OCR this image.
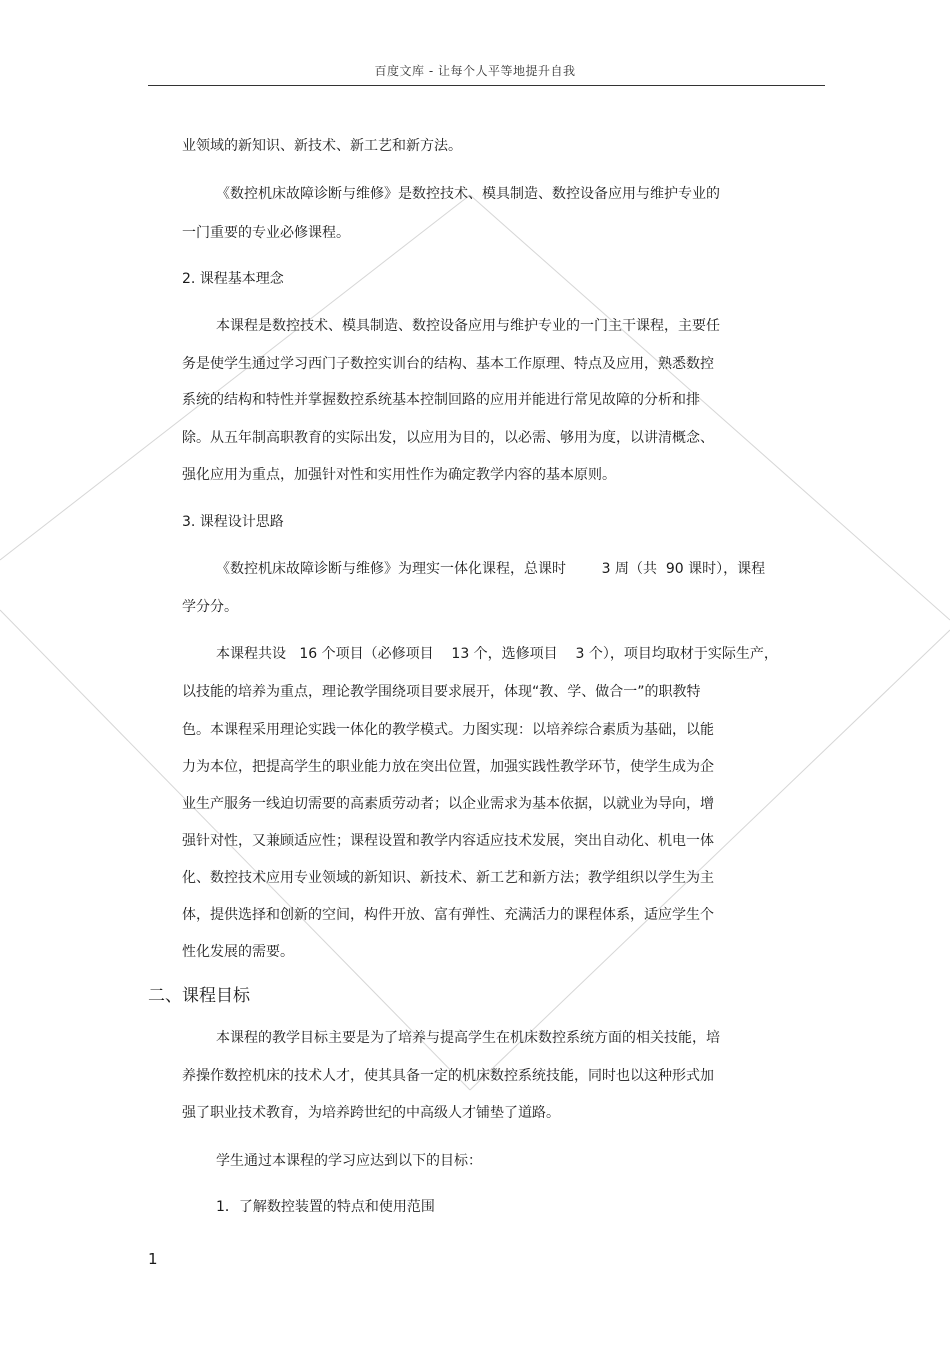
百度文库 - 让每个人平等地提升自我
业领域的新知识、新技术、新工艺和新方法。
《数控机床故障诊断与维修》是数控技术、模具制造、数控设备应用与维护专业的
一门重要的专业必修课程。
2. 课程基本理念
本课程是数控技术、模具制造、数控设备应用与维护专业的一门主干课程，主要任
务是使学生通过学习西门子数控实训台的结构、基本工作原理、特点及应用，熟悉数控
系统的结构和特性并掌握数控系统基本控制回路的应用并能进行常见故障的分析和排
除。从五年制高职教育的实际出发，以应用为目的，以必需、够用为度，以讲清概念、
强化应用为重点，加强针对性和实用性作为确定教学内容的基本原则。
3. 课程设计思路
《数控机床故障诊断与维修》为理实一体化课程，总课时        3 周（共  90 课时），课程
学分分。
本课程共设   16 个项目（必修项目    13 个，选修项目    3 个），项目均取材于实际生产，
以技能的培养为重点，理论教学围绕项目要求展开，体现“教、学、做合一”的职教特
色。本课程采用理论实践一体化的教学模式。力图实现：以培养综合素质为基础，以能
力为本位，把提高学生的职业能力放在突出位置，加强实践性教学环节，使学生成为企
业生产服务一线迫切需要的高素质劳动者；以企业需求为基本依据，以就业为导向，增
强针对性，又兼顾适应性；课程设置和教学内容适应技术发展，突出自动化、机电一体
化、数控技术应用专业领域的新知识、新技术、新工艺和新方法；教学组织以学生为主
体，提供选择和创新的空间，构件开放、富有弹性、充满活力的课程体系，适应学生个
性化发展的需要。
二、课程目标
本课程的教学目标主要是为了培养与提高学生在机床数控系统方面的相关技能，培
养操作数控机床的技术人才，使其具备一定的机床数控系统技能，同时也以这种形式加
强了职业技术教育，为培养跨世纪的中高级人才铺垫了道路。
学生通过本课程的学习应达到以下的目标：
1．了解数控装置的特点和使用范围
1
